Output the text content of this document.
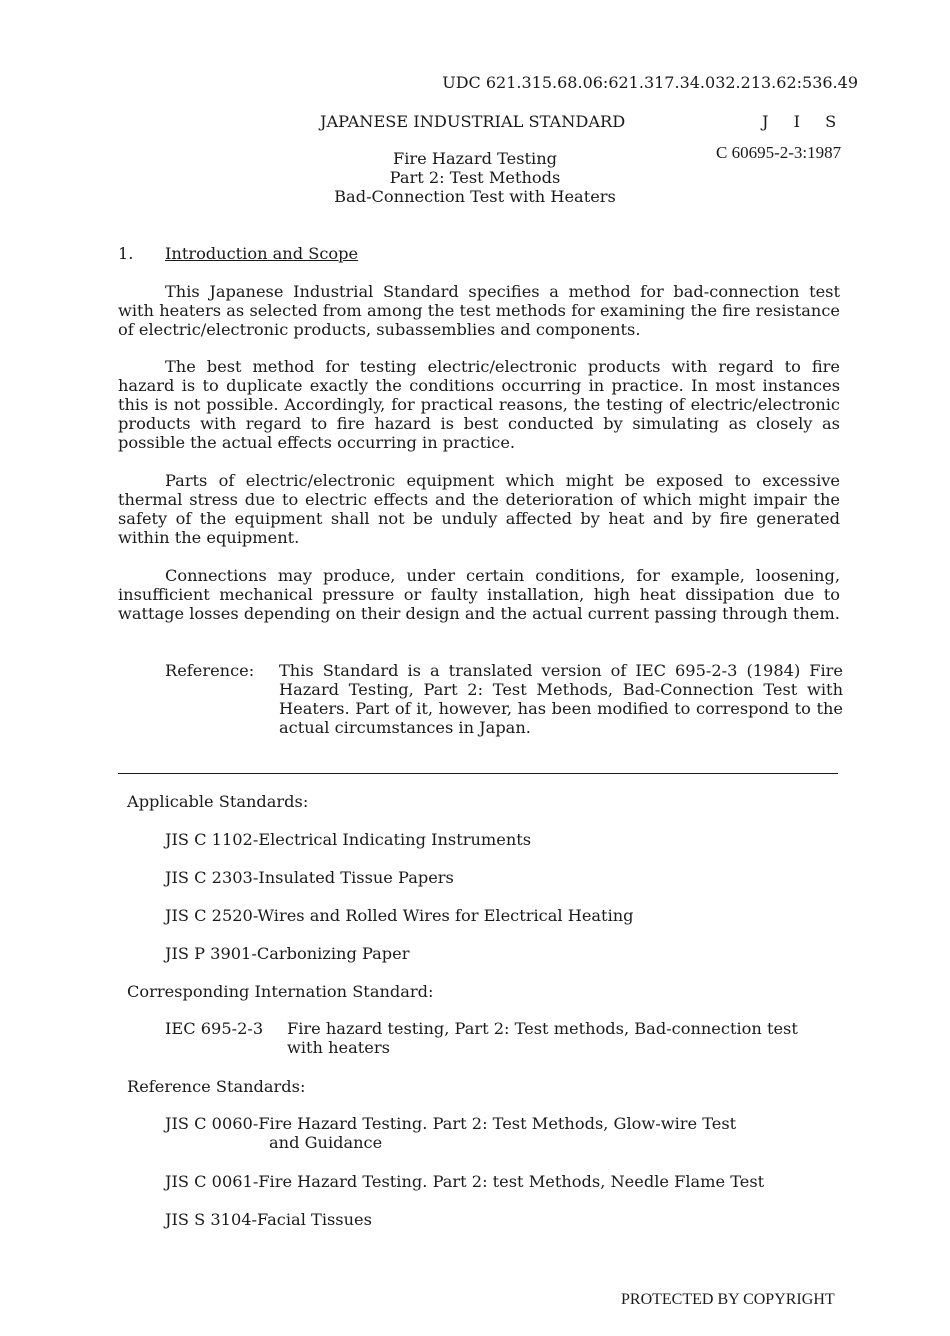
UDC 621.315.68.06:621.317.34.032.213.62:536.49
JAPANESE INDUSTRIAL STANDARD	J I S
C 60695-2-3:1987
Fire Hazard Testing
Part 2: Test Methods
Bad-Connection Test with Heaters
1. Introduction and Scope
This Japanese Industrial Standard specifies a method for bad-connection test with heaters as selected from among the test methods for examining the fire resistance of electric/electronic products, subassemblies and components.
The best method for testing electric/electronic products with regard to fire hazard is to duplicate exactly the conditions occurring in practice. In most instances this is not possible. Accordingly, for practical reasons, the testing of electric/electronic products with regard to fire hazard is best conducted by simulating as closely as possible the actual effects occurring in practice.
Parts of electric/electronic equipment which might be exposed to excessive thermal stress due to electric effects and the deterioration of which might impair the safety of the equipment shall not be unduly affected by heat and by fire generated within the equipment.
Connections may produce, under certain conditions, for example, loosening, insufficient mechanical pressure or faulty installation, high heat dissipation due to wattage losses depending on their design and the actual current passing through them.
Reference: This Standard is a translated version of IEC 695-2-3 (1984) Fire Hazard Testing, Part 2: Test Methods, Bad-Connection Test with Heaters. Part of it, however, has been modified to correspond to the actual circumstances in Japan.
Applicable Standards:
JIS C 1102-Electrical Indicating Instruments
JIS C 2303-Insulated Tissue Papers
JIS C 2520-Wires and Rolled Wires for Electrical Heating
JIS P 3901-Carbonizing Paper
Corresponding Internation Standard:
IEC 695-2-3 Fire hazard testing, Part 2: Test methods, Bad-connection test with heaters
Reference Standards:
JIS C 0060-Fire Hazard Testing. Part 2: Test Methods, Glow-wire Test
and Guidance
JIS C 0061-Fire Hazard Testing. Part 2: test Methods, Needle Flame Test
JIS S 3104-Facial Tissues
PROTECTED BY COPYRIGHT
